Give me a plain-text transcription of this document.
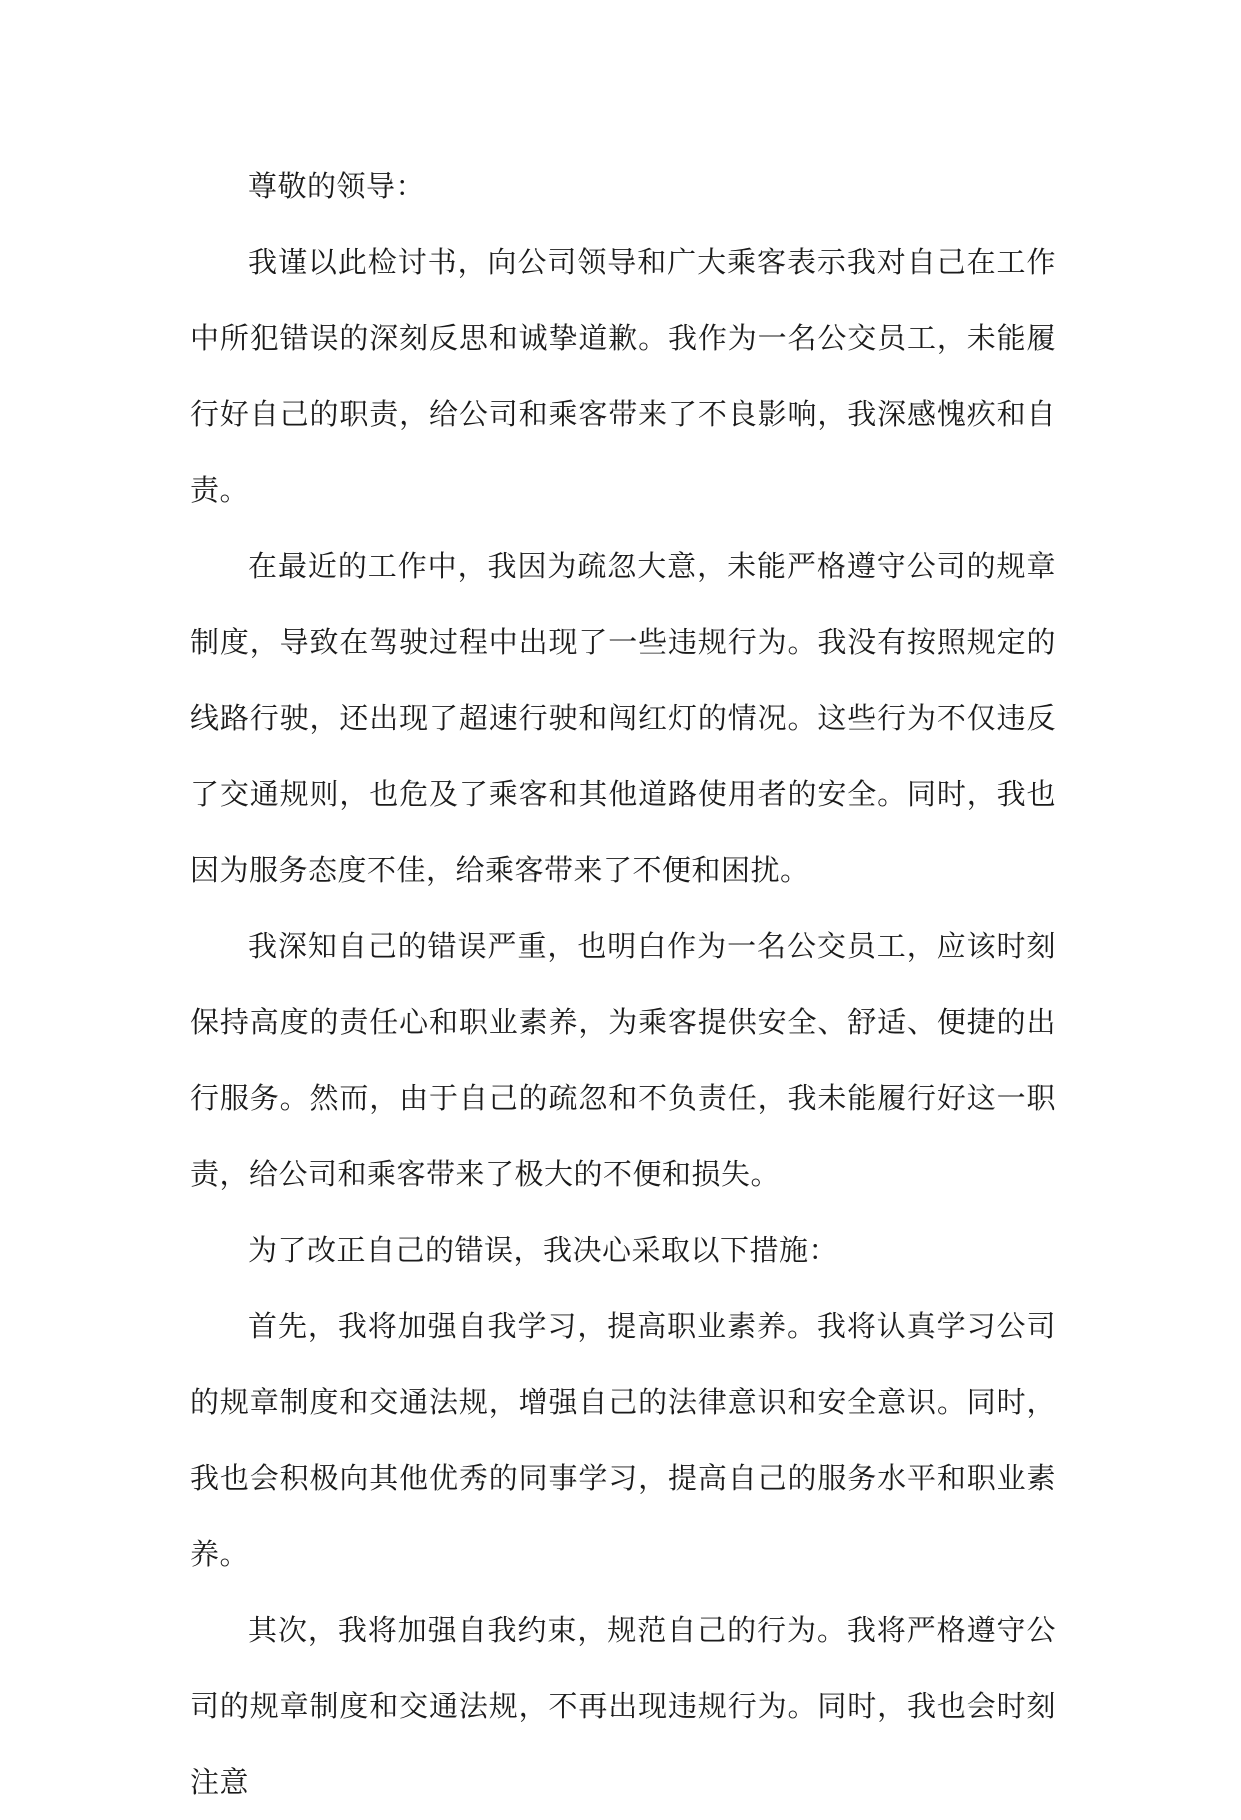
尊敬的领导：

我谨以此检讨书，向公司领导和广大乘客表示我对自己在工作中所犯错误的深刻反思和诚挚道歉。我作为一名公交员工，未能履行好自己的职责，给公司和乘客带来了不良影响，我深感愧疚和自责。

在最近的工作中，我因为疏忽大意，未能严格遵守公司的规章制度，导致在驾驶过程中出现了一些违规行为。我没有按照规定的线路行驶，还出现了超速行驶和闯红灯的情况。这些行为不仅违反了交通规则，也危及了乘客和其他道路使用者的安全。同时，我也因为服务态度不佳，给乘客带来了不便和困扰。

我深知自己的错误严重，也明白作为一名公交员工，应该时刻保持高度的责任心和职业素养，为乘客提供安全、舒适、便捷的出行服务。然而，由于自己的疏忽和不负责任，我未能履行好这一职责，给公司和乘客带来了极大的不便和损失。

为了改正自己的错误，我决心采取以下措施：

首先，我将加强自我学习，提高职业素养。我将认真学习公司的规章制度和交通法规，增强自己的法律意识和安全意识。同时，我也会积极向其他优秀的同事学习，提高自己的服务水平和职业素养。

其次，我将加强自我约束，规范自己的行为。我将严格遵守公司的规章制度和交通法规，不再出现违规行为。同时，我也会时刻注意
